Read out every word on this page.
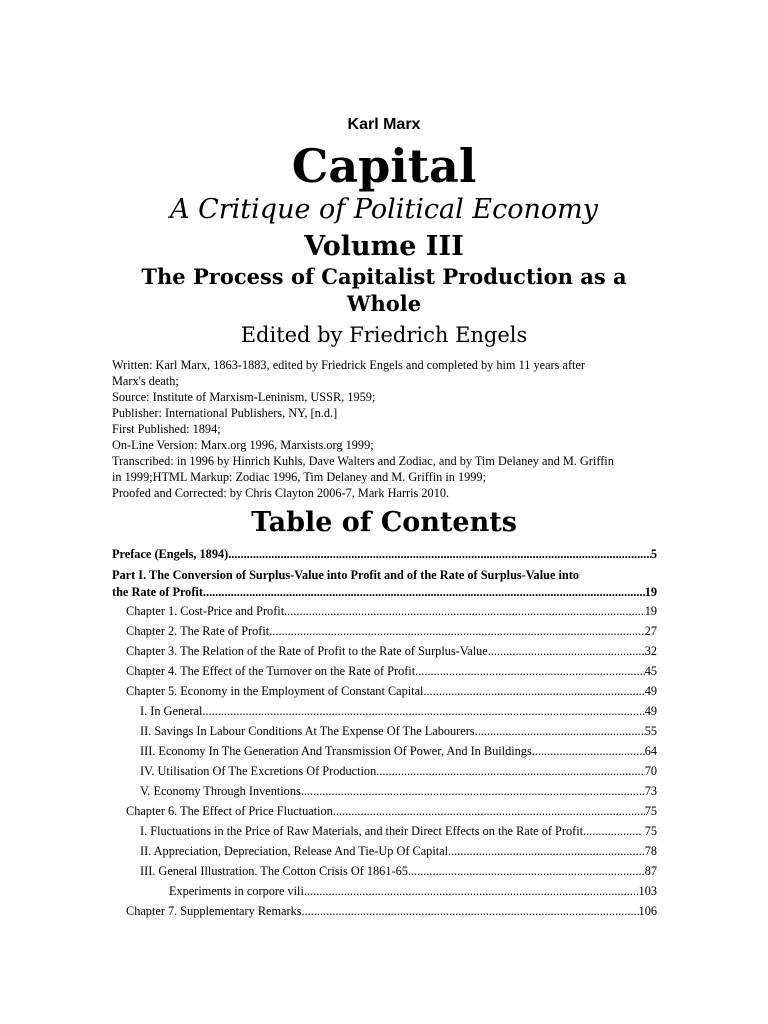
Karl Marx
Capital
A Critique of Political Economy
Volume III
The Process of Capitalist Production as a Whole
Edited by Friedrich Engels
Written: Karl Marx, 1863-1883, edited by Friedrick Engels and completed by him 11 years after
Marx's death;
Source: Institute of Marxism-Leninism, USSR, 1959;
Publisher: International Publishers, NY, [n.d.]
First Published: 1894;
On-Line Version: Marx.org 1996, Marxists.org 1999;
Transcribed: in 1996 by Hinrich Kuhls, Dave Walters and Zodiac, and by Tim Delaney and M. Griffin
in 1999;HTML Markup: Zodiac 1996, Tim Delaney and M. Griffin in 1999;
Proofed and Corrected: by Chris Clayton 2006-7, Mark Harris 2010.
Table of Contents
Preface (Engels, 1894) .....	5
Part I. The Conversion of Surplus-Value into Profit and of the Rate of Surplus-Value into
the Rate of Profit .....	19
Chapter 1. Cost-Price and Profit .....	19
Chapter 2. The Rate of Profit .....	27
Chapter 3. The Relation of the Rate of Profit to the Rate of Surplus-Value .....	32
Chapter 4. The Effect of the Turnover on the Rate of Profit .....	45
Chapter 5. Economy in the Employment of Constant Capital .....	49
I. In General .....	49
II. Savings In Labour Conditions At The Expense Of The Labourers .....	55
III. Economy In The Generation And Transmission Of Power, And In Buildings .....	64
IV. Utilisation Of The Excretions Of Production .....	70
V. Economy Through Inventions .....	73
Chapter 6. The Effect of Price Fluctuation .....	75
I. Fluctuations in the Price of Raw Materials, and their Direct Effects on the Rate of Profit .....	75
II. Appreciation, Depreciation, Release And Tie-Up Of Capital .....	78
III. General Illustration. The Cotton Crisis Of 1861-65 .....	87
Experiments in corpore vili .....	103
Chapter 7. Supplementary Remarks .....	106
